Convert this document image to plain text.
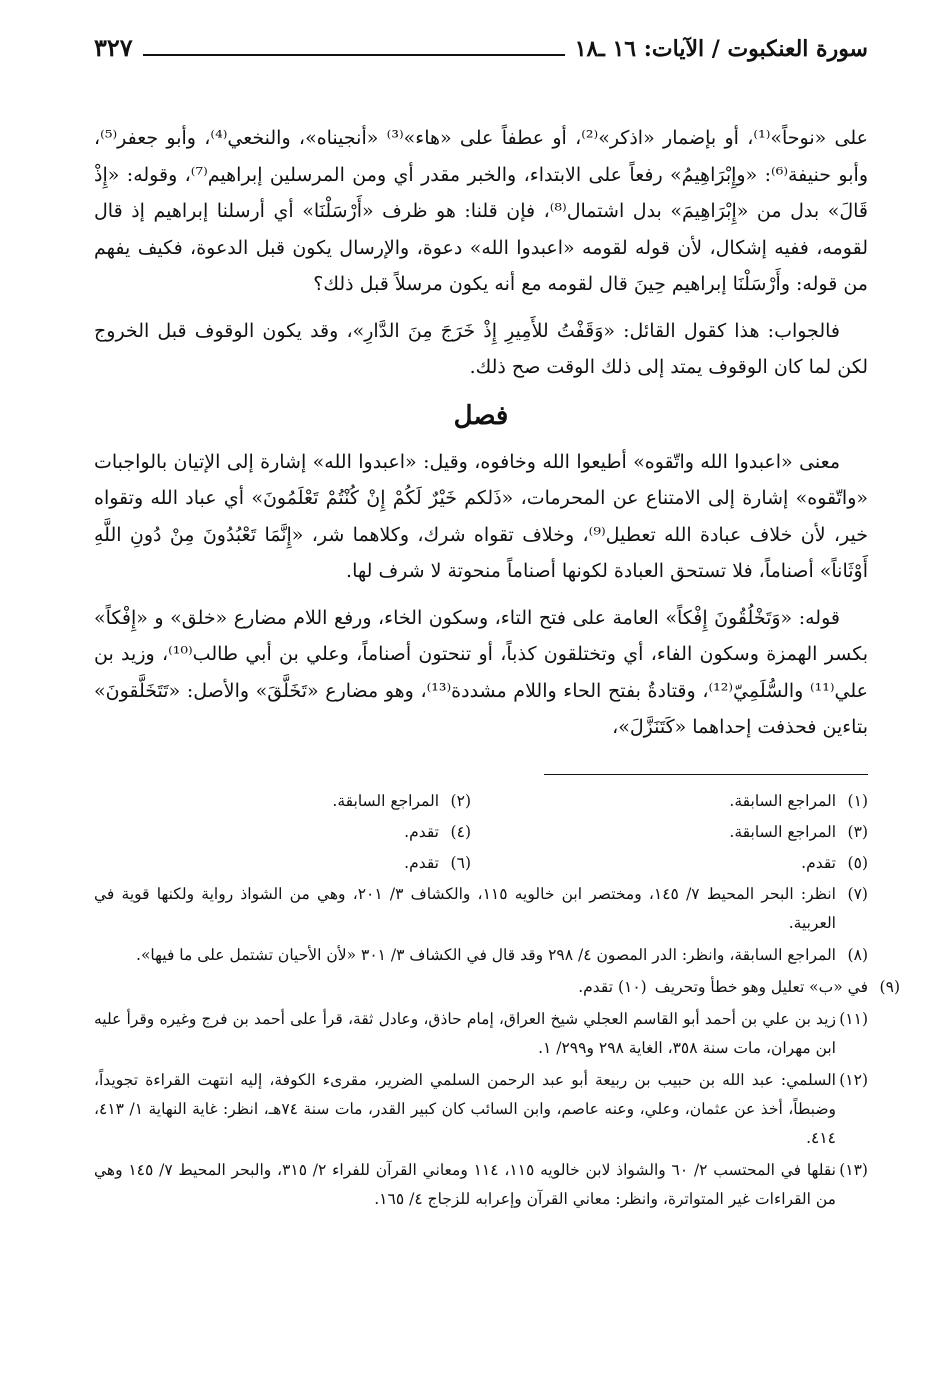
سورة العنكبوت / الآيات: ١٦ ـ١٨
٣٢٧

على «نوحاً»⁽¹⁾، أو بإضمار «اذكر»⁽²⁾، أو عطفاً على «هاء»⁽³⁾ «أنجيناه»، والنخعي⁽⁴⁾، وأبو جعفر⁽⁵⁾، وأبو حنيفة⁽⁶⁾: «وإِبْرَاهِيمُ» رفعاً على الابتداء، والخبر مقدر أي ومن المرسلين إبراهيم⁽⁷⁾، وقوله: «إِذْ قَالَ» بدل من «إِبْرَاهِيمَ» بدل اشتمال⁽⁸⁾، فإن قلنا: هو ظرف «أَرْسَلْنَا» أي أرسلنا إبراهيم إذ قال لقومه، ففيه إشكال، لأن قوله لقومه «اعبدوا الله» دعوة، والإرسال يكون قبل الدعوة، فكيف يفهم من قوله: وأَرْسَلْنَا إبراهيم حِينَ قال لقومه مع أنه يكون مرسلاً قبل ذلك؟

فالجواب: هذا كقول القائل: «وَقَفْتُ للأَمِيرِ إِذْ خَرَجَ مِنَ الدَّارِ»، وقد يكون الوقوف قبل الخروج لكن لما كان الوقوف يمتد إلى ذلك الوقت صح ذلك.

فصل

معنى «اعبدوا الله واتّقوه» أطيعوا الله وخافوه، وقيل: «اعبدوا الله» إشارة إلى الإتيان بالواجبات «واتّقوه» إشارة إلى الامتناع عن المحرمات، «ذَلكم خَيْرٌ لَكُمْ إِنْ كُنْتُمْ تَعْلَمُونَ» أي عباد الله وتقواه خير، لأن خلاف عبادة الله تعطيل⁽⁹⁾، وخلاف تقواه شرك، وكلاهما شر، «إِنَّمَا تَعْبُدُونَ مِنْ دُونِ اللَّهِ أَوْثَاناً» أصناماً، فلا تستحق العبادة لكونها أصناماً منحوتة لا شرف لها.

قوله: «وَتَخْلُقُونَ إِفْكاً» العامة على فتح التاء، وسكون الخاء، ورفع اللام مضارع «خلق» و «إِفْكاً» بكسر الهمزة وسكون الفاء، أي وتختلقون كذباً، أو تنحتون أصناماً، وعلي بن أبي طالب⁽¹⁰⁾، وزيد بن علي⁽¹¹⁾ والسُّلَمِيّ⁽¹²⁾، وقتادةُ بفتح الحاء واللام مشددة⁽¹³⁾، وهو مضارع «تَخَلَّقَ» والأصل: «تَتَخَلَّقونَ» بتاءين فحذفت إحداهما «كَتَنَزَّلَ»،

(١)المراجع السابقة.
(٢)المراجع السابقة.
(٣)المراجع السابقة.
(٤)تقدم.
(٥)تقدم.
(٦)تقدم.
(٧)انظر: البحر المحيط ٧/ ١٤٥، ومختصر ابن خالويه ١١٥، والكشاف ٣/ ٢٠١، وهي من الشواذ رواية ولكنها قوية في العربية.
(٨)المراجع السابقة، وانظر: الدر المصون ٤/ ٢٩٨ وقد قال في الكشاف ٣/ ٣٠١ «لأن الأحيان تشتمل على ما فيها».
(٩)في «ب» تعليل وهو خطأ وتحريف
(١٠) تقدم.
(١١)زيد بن علي بن أحمد أبو القاسم العجلي شيخ العراق، إمام حاذق، وعادل ثقة، قرأ على أحمد بن فرج وغيره وقرأ عليه ابن مهران، مات سنة ٣٥٨، الغاية ٢٩٨ و٢٩٩/ ١.
(١٢)السلمي: عبد الله بن حبيب بن ربيعة أبو عبد الرحمن السلمي الضرير، مقرىء الكوفة، إليه انتهت القراءة تجويداً، وضبطاً، أخذ عن عثمان، وعلي، وعنه عاصم، وابن السائب كان كبير القدر، مات سنة ٧٤هـ، انظر: غاية النهاية ١/ ٤١٣، ٤١٤.
(١٣)نقلها في المحتسب ٢/ ٦٠ والشواذ لابن خالويه ١١٥، ١١٤ ومعاني القرآن للفراء ٢/ ٣١٥، والبحر المحيط ٧/ ١٤٥ وهي من القراءات غير المتواترة، وانظر: معاني القرآن وإعرابه للزجاج ٤/ ١٦٥.
